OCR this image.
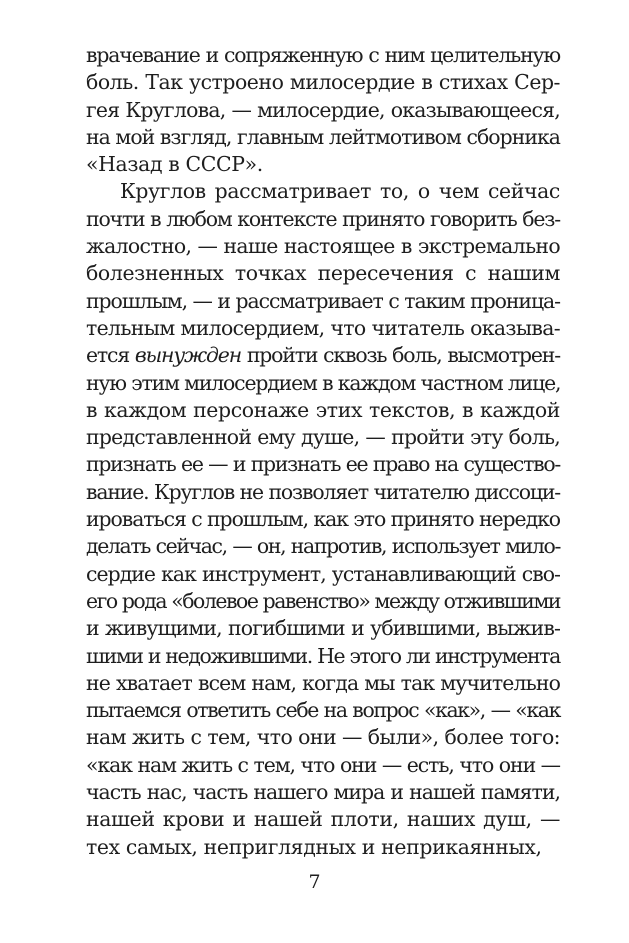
врачевание и сопряженную с ним целительную
боль. Так устроено милосердие в стихах Сер-
гея Круглова, — милосердие, оказывающееся,
на мой взгляд, главным лейтмотивом сборника
«Назад в СССР».
Круглов рассматривает то, о чем сейчас
почти в любом контексте принято говорить без-
жалостно, — наше настоящее в экстремально
болезненных точках пересечения с нашим
прошлым, — и рассматривает с таким проница-
тельным милосердием, что читатель оказыва-
ется вынужден пройти сквозь боль, высмотрен-
ную этим милосердием в каждом частном лице,
в каждом персонаже этих текстов, в каждой
представленной ему душе, — пройти эту боль,
признать ее — и признать ее право на существо-
вание. Круглов не позволяет читателю диссоци-
ироваться с прошлым, как это принято нередко
делать сейчас, — он, напротив, использует мило-
сердие как инструмент, устанавливающий сво-
его рода «болевое равенство» между отжившими
и живущими, погибшими и убившими, выжив-
шими и недожившими. Не этого ли инструмента
не хватает всем нам, когда мы так мучительно
пытаемся ответить себе на вопрос «как», — «как
нам жить с тем, что они — были», более того:
«как нам жить с тем, что они — есть, что они —
часть нас, часть нашего мира и нашей памяти,
нашей крови и нашей плоти, наших душ, —
тех самых, неприглядных и неприкаянных,
7
